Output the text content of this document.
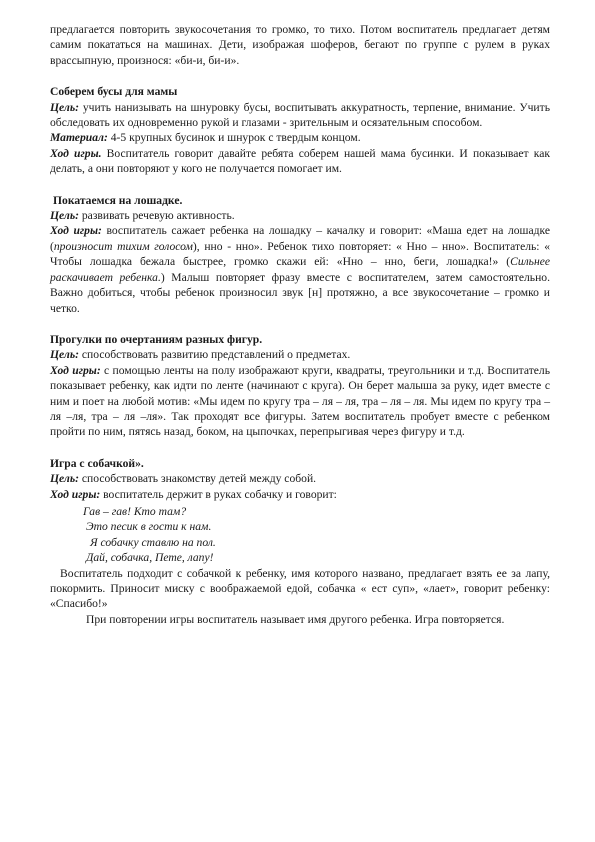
предлагается повторить звукосочетания то громко, то тихо. Потом воспитатель предлагает детям самим покататься на машинах. Дети, изображая шоферов, бегают по группе с рулем в руках врассыпную, произнося: «би-и, би-и».

Соберем бусы для мамы

Цель: учить нанизывать на шнуровку бусы, воспитывать аккуратность, терпение, внимание. Учить обследовать их одновременно рукой и глазами - зрительным и осязательным способом.

Материал: 4-5 крупных бусинок и шнурок с твердым концом.

Ход игры. Воспитатель говорит давайте ребята соберем нашей мама бусинки. И показывает как делать, а они повторяют у кого не получается помогает им.

Покатаемся на лошадке.

Цель: развивать речевую активность.

Ход игры: воспитатель сажает ребенка на лошадку – качалку и говорит: «Маша едет на лошадке (произносит тихим голосом), нно - нно». Ребенок тихо повторяет: « Нно – нно». Воспитатель: « Чтобы лошадка бежала быстрее, громко скажи ей: «Нно – нно, беги, лошадка!» (Сильнее раскачивает ребенка.) Малыш повторяет фразу вместе с воспитателем, затем самостоятельно. Важно добиться, чтобы ребенок произносил звук [н] протяжно, а все звукосочетание – громко и четко.

Прогулки по очертаниям разных фигур.

Цель: способствовать развитию представлений о предметах.

Ход игры: с помощью ленты на полу изображают круги, квадраты, треугольники и т.д. Воспитатель показывает ребенку, как идти по ленте (начинают с круга). Он берет малыша за руку, идет вместе с ним и поет на любой мотив: «Мы идем по кругу тра – ля – ля, тра – ля – ля. Мы идем по кругу тра – ля –ля, тра – ля –ля». Так проходят все фигуры. Затем воспитатель пробует вместе с ребенком пройти по ним, пятясь назад, боком, на цыпочках, перепрыгивая через фигуру и т.д.

Игра с собачкой».

Цель: способствовать знакомству детей между собой.

Ход игры: воспитатель держит в руках собачку и говорит:

Гав – гав! Кто там?

Это песик в гости к нам.

Я собачку ставлю на пол.

Дай, собачка, Пете, лапу!

Воспитатель подходит с собачкой к ребенку, имя которого названо, предлагает взять ее за лапу, покормить. Приносит миску с воображаемой едой, собачка « ест суп», «лает», говорит ребенку: «Спасибо!»

При повторении игры воспитатель называет имя другого ребенка. Игра повторяется.
